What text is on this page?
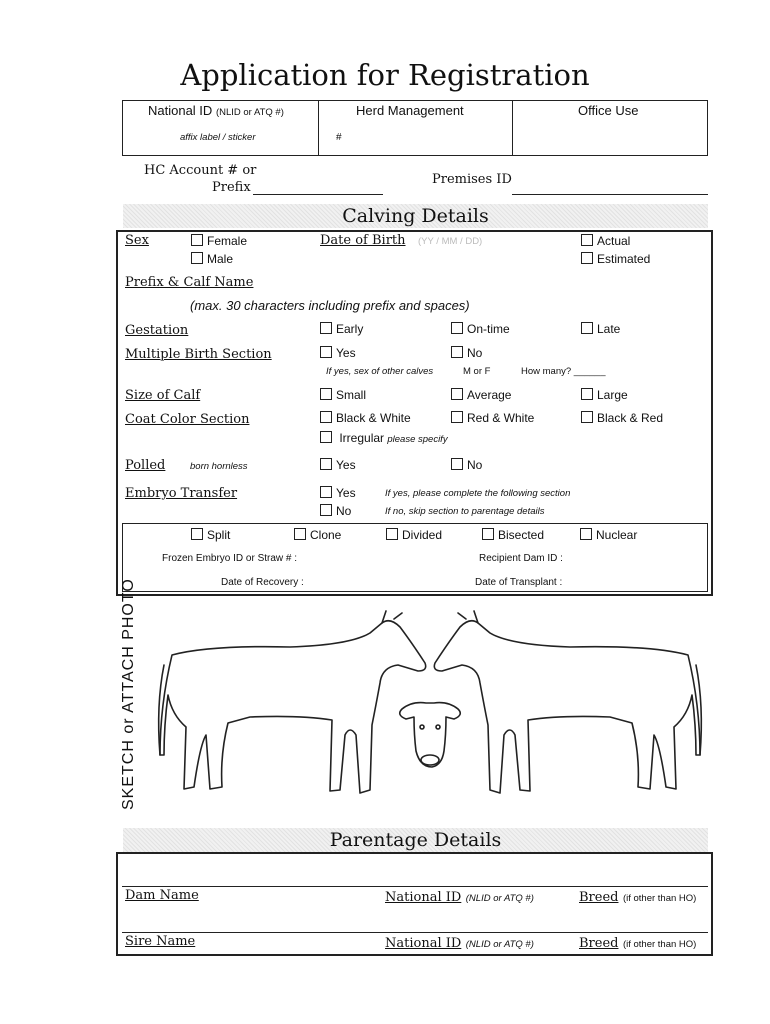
Application for Registration
National ID (NLID or ATQ #)
affix label / sticker
Herd Management
#
Office Use
HC Account # or
Prefix
Premises ID
Calving Details
Sex	Female
Male
Date of Birth (YY / MM / DD)	Actual
Estimated
Prefix & Calf Name
(max. 30 characters including prefix and spaces)
Gestation	Early	On-time	Late
Multiple Birth Section	Yes	No
If yes, sex of other calves	M or F	How many? ______
Size of Calf	Small	Average	Large
Coat Color Section	Black & White	Red & White	Black & Red
Irregular please specify
Polled	born hornless	Yes	No
Embryo Transfer	Yes
No
If yes, please complete the following section
If no, skip section to parentage details
Split	Clone	Divided	Bisected	Nuclear
Frozen Embryo ID or Straw # :	Recipient Dam ID :
Date of Recovery :	Date of Transplant :
SKETCH or ATTACH PHOTO
Parentage Details
Dam Name	National ID (NLID or ATQ #)	Breed (if other than HO)
Sire Name	National ID (NLID or ATQ #)	Breed (if other than HO)
